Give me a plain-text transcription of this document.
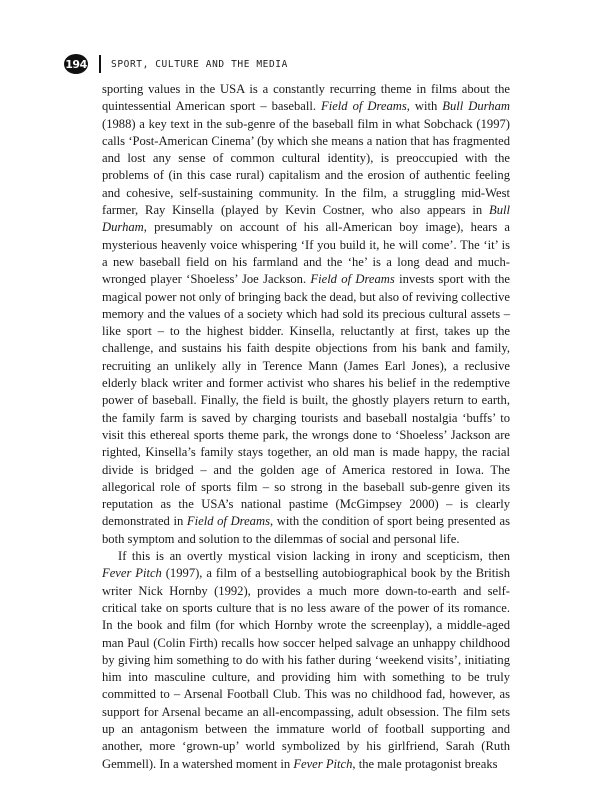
194	SPORT, CULTURE AND THE MEDIA

sporting values in the USA is a constantly recurring theme in films about the quintessential American sport – baseball. Field of Dreams, with Bull Durham (1988) a key text in the sub-genre of the baseball film in what Sobchack (1997) calls ‘Post-American Cinema’ (by which she means a nation that has fragmented and lost any sense of common cultural identity), is preoccupied with the problems of (in this case rural) capitalism and the erosion of authentic feeling and cohesive, self-sustaining community. In the film, a struggling mid-West farmer, Ray Kinsella (played by Kevin Costner, who also appears in Bull Durham, presumably on account of his all-American boy image), hears a mysterious heavenly voice whispering ‘If you build it, he will come’. The ‘it’ is a new baseball field on his farmland and the ‘he’ is a long dead and much-wronged player ‘Shoeless’ Joe Jackson. Field of Dreams invests sport with the magical power not only of bringing back the dead, but also of reviving collective memory and the values of a society which had sold its precious cultural assets – like sport – to the highest bidder. Kinsella, reluctantly at first, takes up the challenge, and sustains his faith despite objections from his bank and family, recruiting an unlikely ally in Terence Mann (James Earl Jones), a reclusive elderly black writer and former activist who shares his belief in the redemptive power of baseball. Finally, the field is built, the ghostly players return to earth, the family farm is saved by charging tourists and baseball nostalgia ‘buffs’ to visit this ethereal sports theme park, the wrongs done to ‘Shoeless’ Jackson are righted, Kinsella’s family stays together, an old man is made happy, the racial divide is bridged – and the golden age of America restored in Iowa. The allegorical role of sports film – so strong in the baseball sub-genre given its reputation as the USA’s national pastime (McGimpsey 2000) – is clearly demonstrated in Field of Dreams, with the condition of sport being presented as both symptom and solution to the dilemmas of social and personal life.

If this is an overtly mystical vision lacking in irony and scepticism, then Fever Pitch (1997), a film of a bestselling autobiographical book by the British writer Nick Hornby (1992), provides a much more down-to-earth and self-critical take on sports culture that is no less aware of the power of its romance. In the book and film (for which Hornby wrote the screenplay), a middle-aged man Paul (Colin Firth) recalls how soccer helped salvage an unhappy childhood by giving him something to do with his father during ‘weekend visits’, initiating him into masculine culture, and providing him with something to be truly committed to – Arsenal Football Club. This was no childhood fad, however, as support for Arsenal became an all-encompassing, adult obsession. The film sets up an antagonism between the immature world of football supporting and another, more ‘grown-up’ world symbolized by his girlfriend, Sarah (Ruth Gemmell). In a watershed moment in Fever Pitch, the male protagonist breaks
